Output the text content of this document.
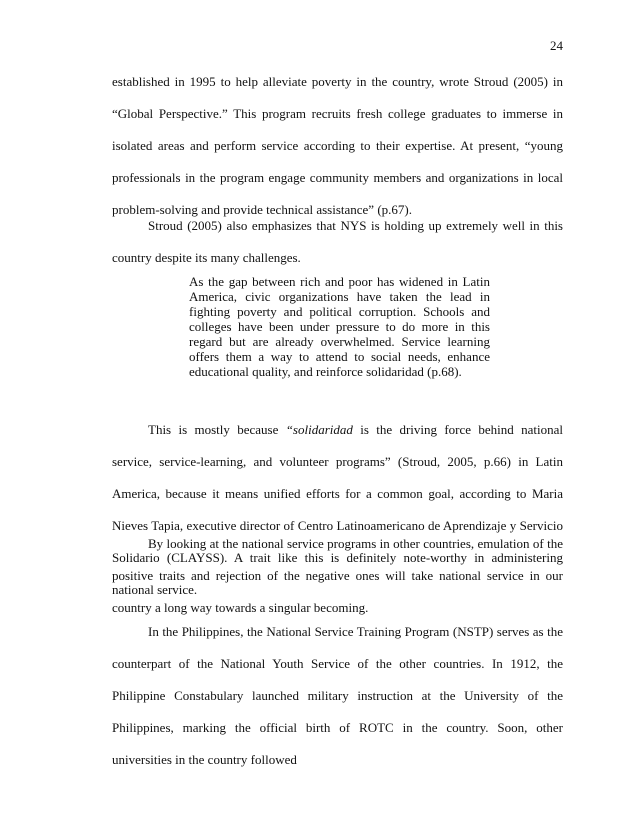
24

established in 1995 to help alleviate poverty in the country, wrote Stroud (2005) in “Global Perspective.” This program recruits fresh college graduates to immerse in isolated areas and perform service according to their expertise. At present, “young professionals in the program engage community members and organizations in local problem-solving and provide technical assistance” (p.67).

Stroud (2005) also emphasizes that NYS is holding up extremely well in this country despite its many challenges.

As the gap between rich and poor has widened in Latin America, civic organizations have taken the lead in fighting poverty and political corruption. Schools and colleges have been under pressure to do more in this regard but are already overwhelmed. Service learning offers them a way to attend to social needs, enhance educational quality, and reinforce solidaridad (p.68).

This is mostly because “solidaridad is the driving force behind national service, service-learning, and volunteer programs” (Stroud, 2005, p.66) in Latin America, because it means unified efforts for a common goal, according to Maria Nieves Tapia, executive director of Centro Latinoamericano de Aprendizaje y Servicio Solidario (CLAYSS). A trait like this is definitely note-worthy in administering national service.

By looking at the national service programs in other countries, emulation of the positive traits and rejection of the negative ones will take national service in our country a long way towards a singular becoming.

In the Philippines, the National Service Training Program (NSTP) serves as the counterpart of the National Youth Service of the other countries. In 1912, the Philippine Constabulary launched military instruction at the University of the Philippines, marking the official birth of ROTC in the country. Soon, other universities in the country followed
